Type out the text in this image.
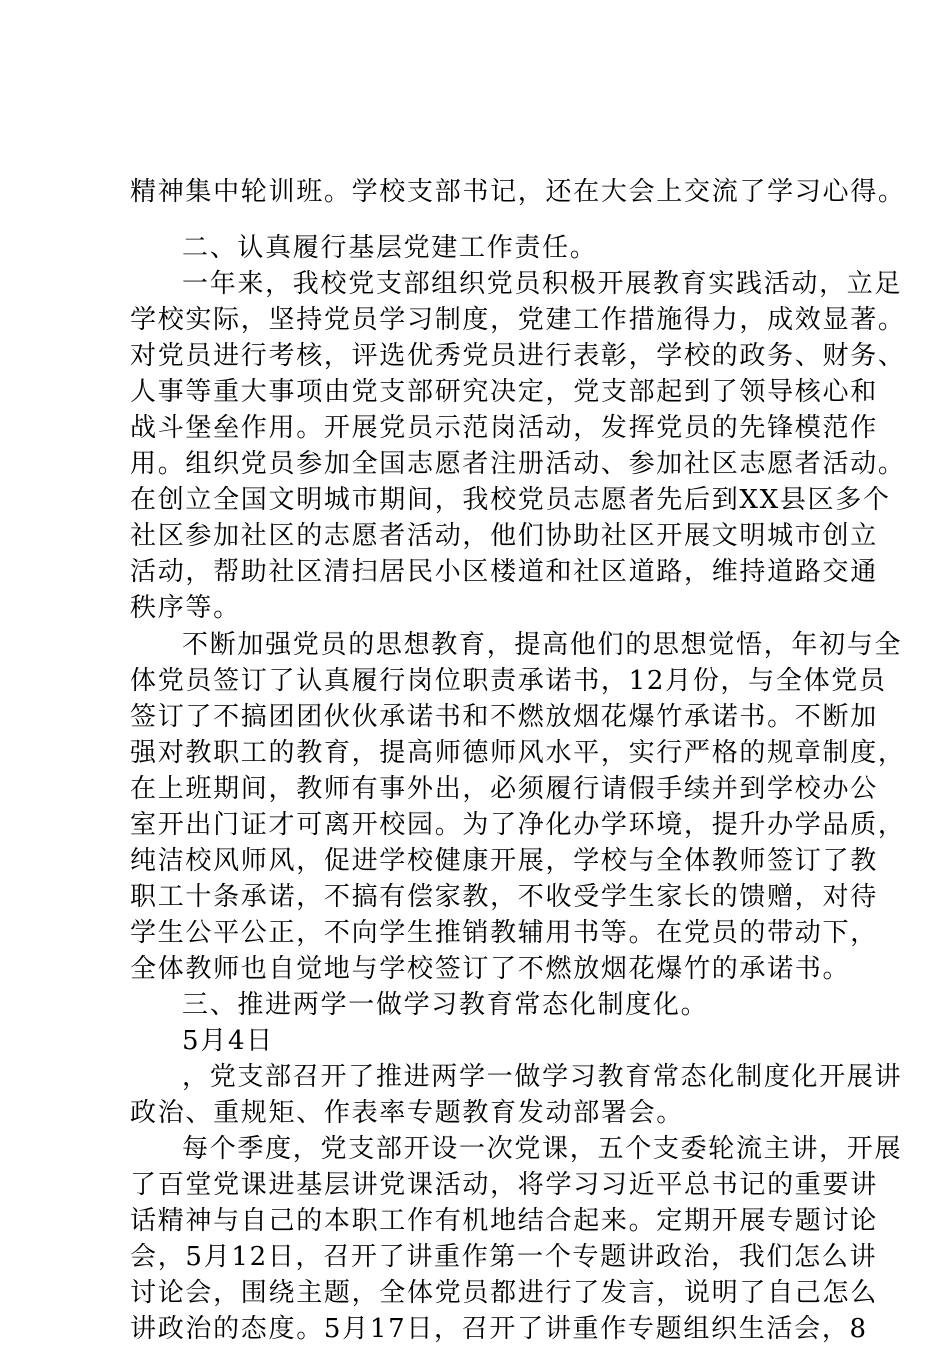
精神集中轮训班。学校支部书记，还在大会上交流了学习心得。
二、认真履行基层党建工作责任。
一年来，我校党支部组织党员积极开展教育实践活动，立足
学校实际，坚持党员学习制度，党建工作措施得力，成效显著。
对党员进行考核，评选优秀党员进行表彰，学校的政务、财务、
人事等重大事项由党支部研究决定，党支部起到了领导核心和
战斗堡垒作用。开展党员示范岗活动，发挥党员的先锋模范作
用。组织党员参加全国志愿者注册活动、参加社区志愿者活动。
在创立全国文明城市期间，我校党员志愿者先后到XX县区多个
社区参加社区的志愿者活动，他们协助社区开展文明城市创立
活动，帮助社区清扫居民小区楼道和社区道路，维持道路交通
秩序等。
不断加强党员的思想教育，提高他们的思想觉悟，年初与全
体党员签订了认真履行岗位职责承诺书，12月份，与全体党员
签订了不搞团团伙伙承诺书和不燃放烟花爆竹承诺书。不断加
强对教职工的教育，提高师德师风水平，实行严格的规章制度，
在上班期间，教师有事外出，必须履行请假手续并到学校办公
室开出门证才可离开校园。为了净化办学环境，提升办学品质，
纯洁校风师风，促进学校健康开展，学校与全体教师签订了教
职工十条承诺，不搞有偿家教，不收受学生家长的馈赠，对待
学生公平公正，不向学生推销教辅用书等。在党员的带动下，
全体教师也自觉地与学校签订了不燃放烟花爆竹的承诺书。
三、推进两学一做学习教育常态化制度化。
5月4日
，党支部召开了推进两学一做学习教育常态化制度化开展讲
政治、重规矩、作表率专题教育发动部署会。
每个季度，党支部开设一次党课，五个支委轮流主讲，开展
了百堂党课进基层讲党课活动，将学习习近平总书记的重要讲
话精神与自己的本职工作有机地结合起来。定期开展专题讨论
会，5月12日，召开了讲重作第一个专题讲政治，我们怎么讲
讨论会，围绕主题，全体党员都进行了发言，说明了自己怎么
讲政治的态度。5月17日，召开了讲重作专题组织生活会，8
